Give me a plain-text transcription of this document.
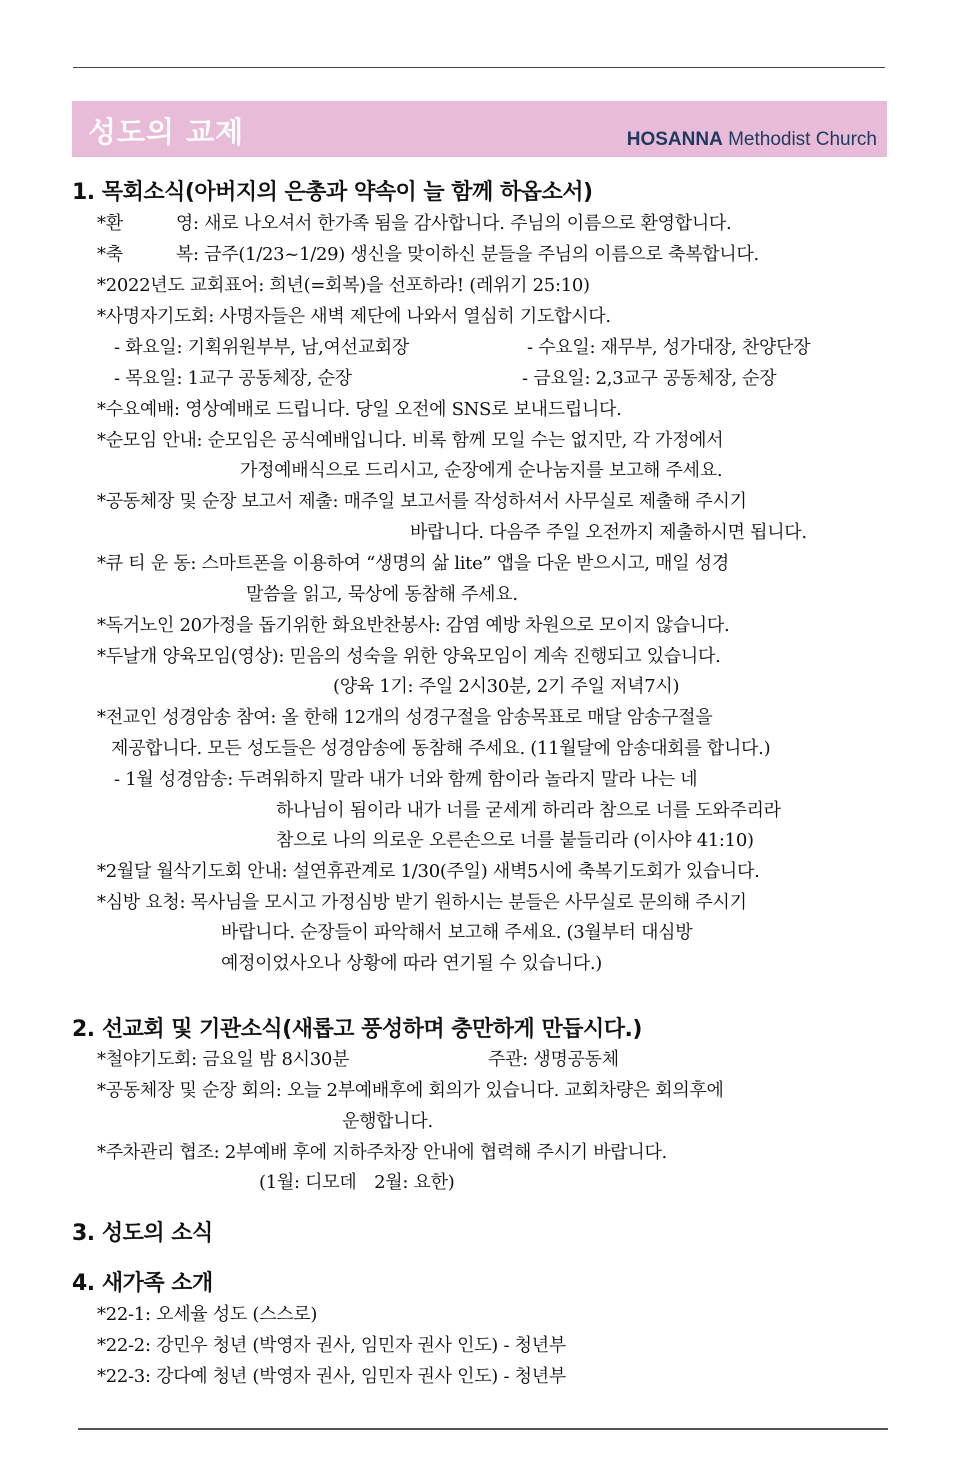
성도의 교제	HOSANNA Methodist Church
1. 목회소식(아버지의 은총과 약속이 늘 함께 하옵소서)
*환　　　영: 새로 나오셔서 한가족 됨을 감사합니다. 주님의 이름으로 환영합니다.
*축　　　복: 금주(1/23~1/29) 생신을 맞이하신 분들을 주님의 이름으로 축복합니다.
*2022년도 교회표어: 희년(=회복)을 선포하라! (레위기 25:10)
*사명자기도회: 사명자들은 새벽 제단에 나와서 열심히 기도합시다.
- 화요일: 기획위원부부, 남,여선교회장	- 수요일: 재무부, 성가대장, 찬양단장
- 목요일: 1교구 공동체장, 순장	- 금요일: 2,3교구 공동체장, 순장
*수요예배: 영상예배로 드립니다. 당일 오전에 SNS로 보내드립니다.
*순모임 안내: 순모임은 공식예배입니다. 비록 함께 모일 수는 없지만, 각 가정에서
가정예배식으로 드리시고, 순장에게 순나눔지를 보고해 주세요.
*공동체장 및 순장 보고서 제출: 매주일 보고서를 작성하셔서 사무실로 제출해 주시기
바랍니다. 다음주 주일 오전까지 제출하시면 됩니다.
*큐 티 운 동: 스마트폰을 이용하여 “생명의 삶 lite” 앱을 다운 받으시고, 매일 성경
말씀을 읽고, 묵상에 동참해 주세요.
*독거노인 20가정을 돕기위한 화요반찬봉사: 감염 예방 차원으로 모이지 않습니다.
*두날개 양육모임(영상): 믿음의 성숙을 위한 양육모임이 계속 진행되고 있습니다.
(양육 1기: 주일 2시30분, 2기 주일 저녁7시)
*전교인 성경암송 참여: 올 한해 12개의 성경구절을 암송목표로 매달 암송구절을
제공합니다. 모든 성도들은 성경암송에 동참해 주세요. (11월달에 암송대회를 합니다.)
- 1월 성경암송: 두려워하지 말라 내가 너와 함께 함이라 놀라지 말라 나는 네
하나님이 됨이라 내가 너를 굳세게 하리라 참으로 너를 도와주리라
참으로 나의 의로운 오른손으로 너를 붙들리라 (이사야 41:10)
*2월달 월삭기도회 안내: 설연휴관계로 1/30(주일) 새벽5시에 축복기도회가 있습니다.
*심방 요청: 목사님을 모시고 가정심방 받기 원하시는 분들은 사무실로 문의해 주시기
바랍니다. 순장들이 파악해서 보고해 주세요. (3월부터 대심방
예정이었사오나 상황에 따라 연기될 수 있습니다.)
2. 선교회 및 기관소식(새롭고 풍성하며 충만하게 만듭시다.)
*철야기도회: 금요일 밤 8시30분	주관: 생명공동체
*공동체장 및 순장 회의: 오늘 2부예배후에 회의가 있습니다. 교회차량은 회의후에
운행합니다.
*주차관리 협조: 2부예배 후에 지하주차장 안내에 협력해 주시기 바랍니다.
(1월: 디모데　2월: 요한)
3. 성도의 소식
4. 새가족 소개
*22-1: 오세율 성도 (스스로)
*22-2: 강민우 청년 (박영자 권사, 임민자 권사 인도) - 청년부
*22-3: 강다예 청년 (박영자 권사, 임민자 권사 인도) - 청년부
